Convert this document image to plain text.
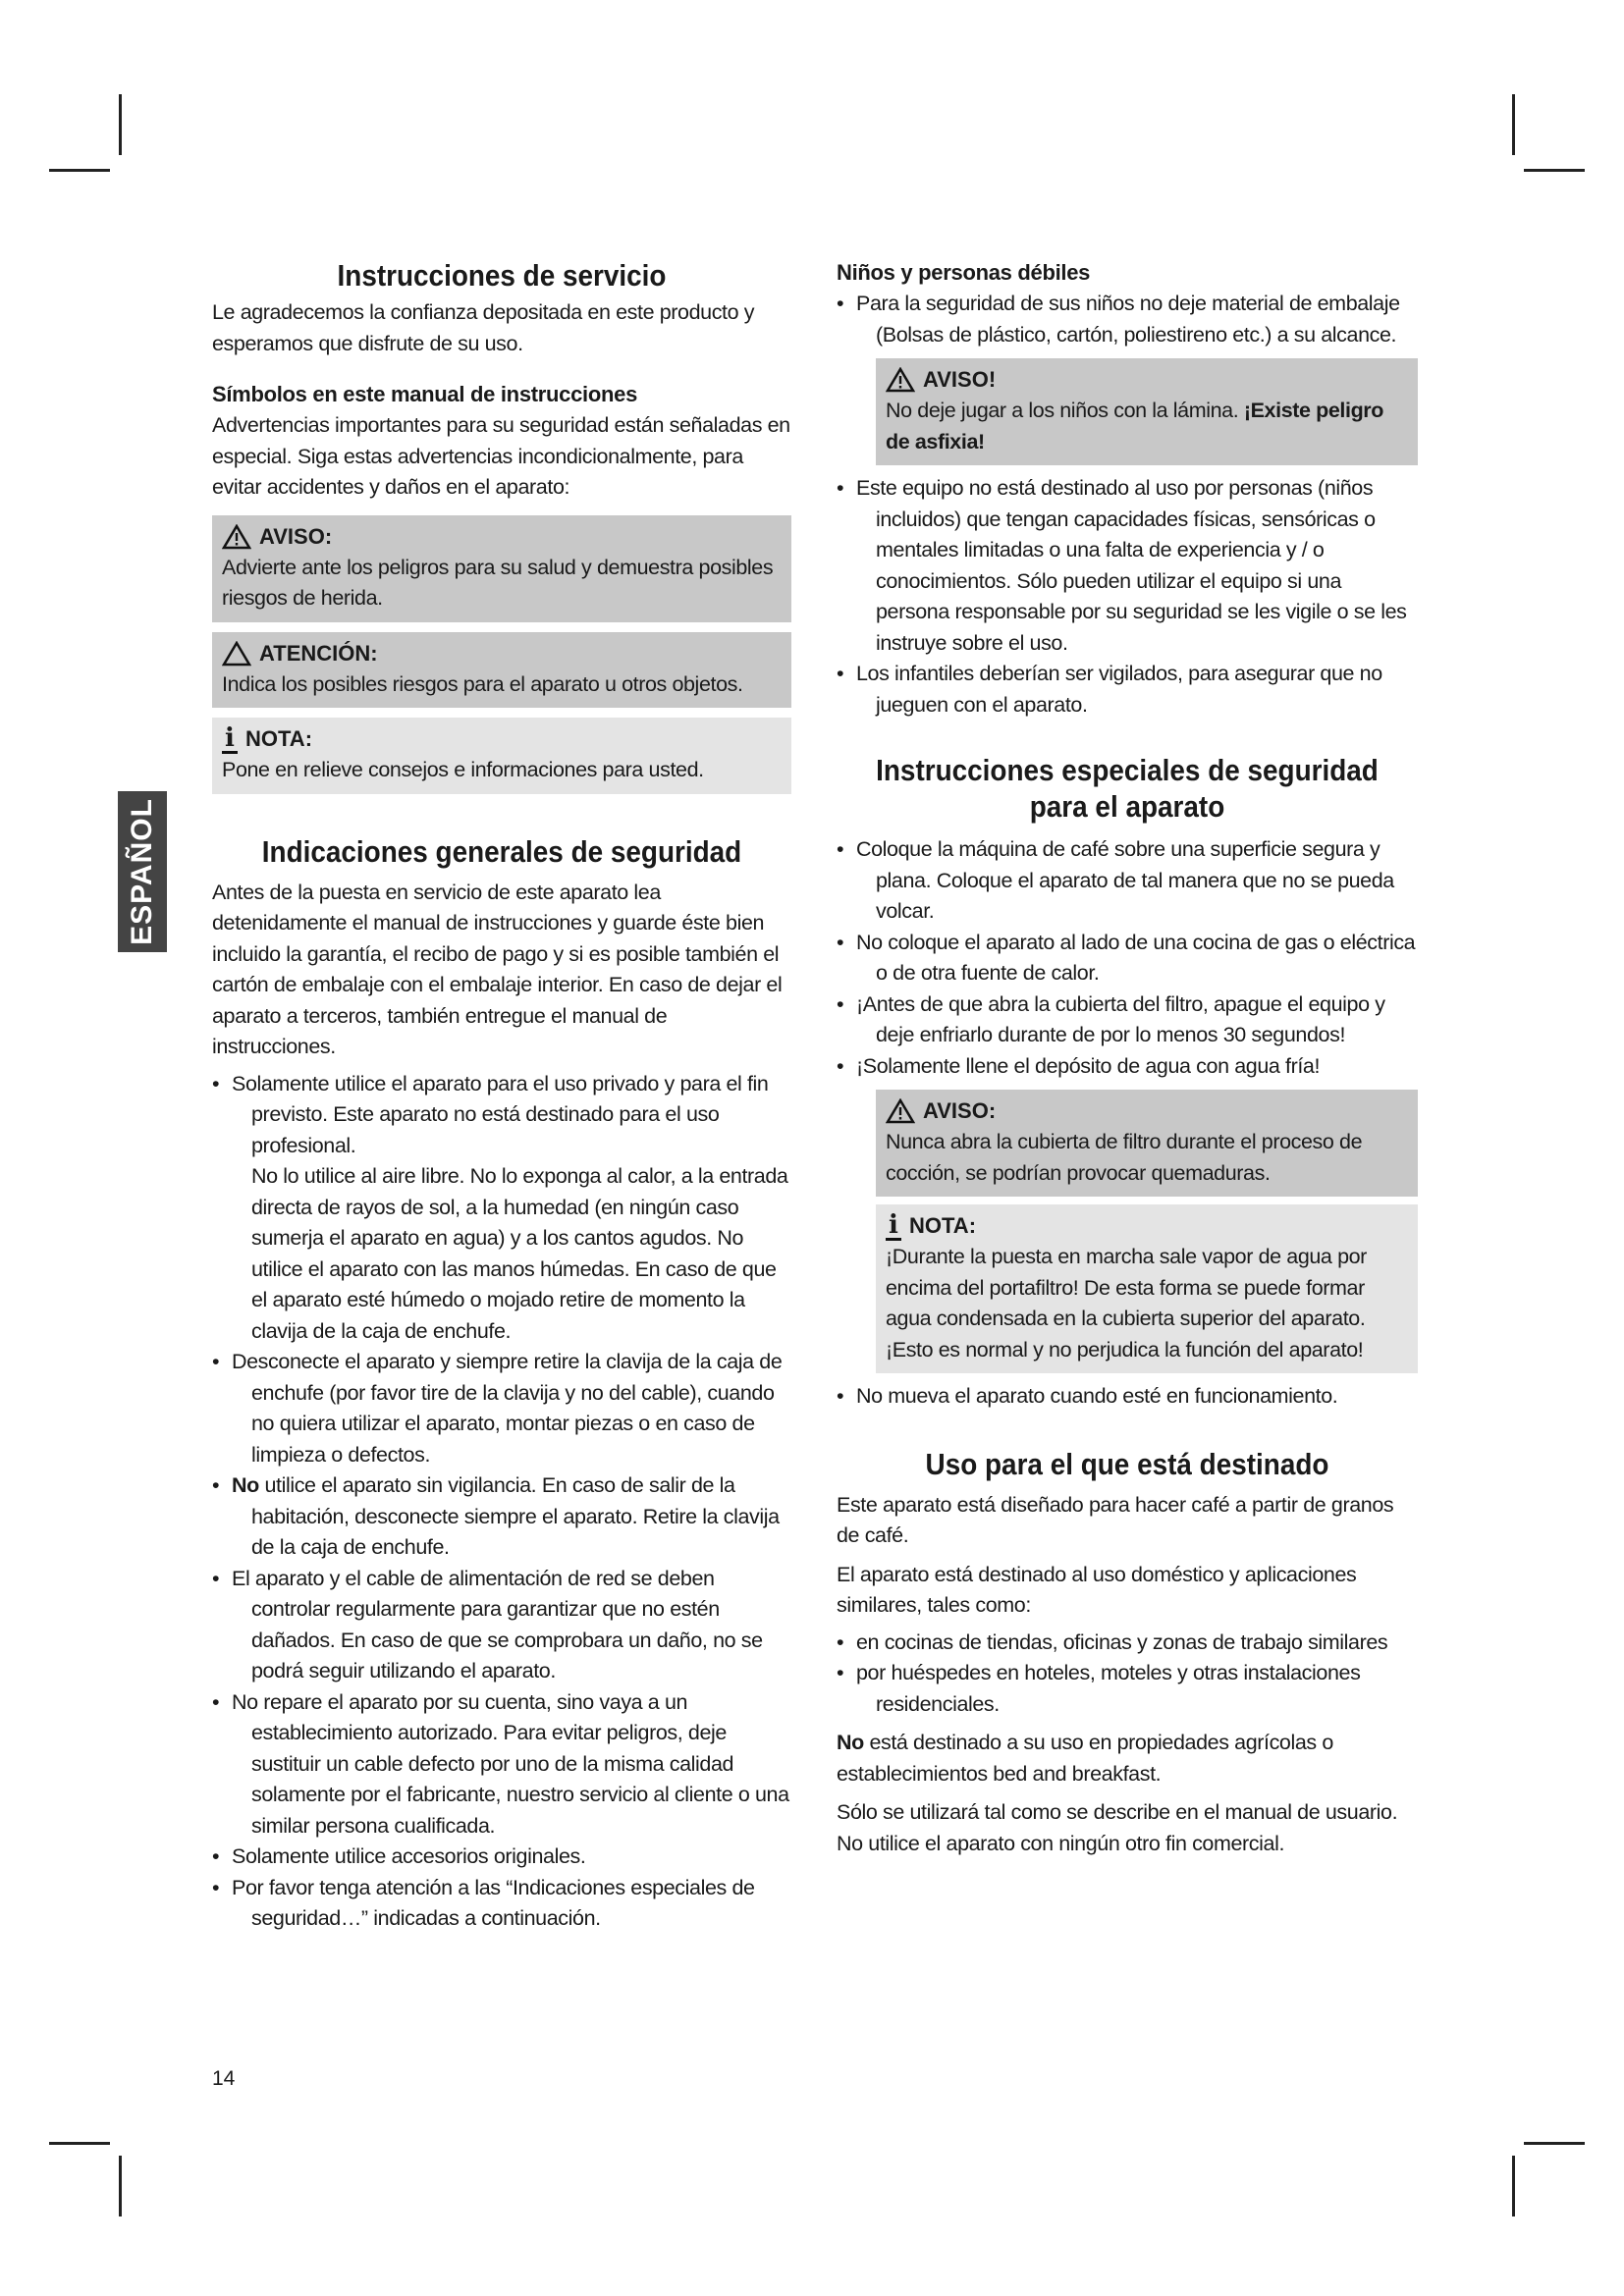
ESPAÑOL
Instrucciones de servicio

Le agradecemos la confianza depositada en este producto y esperamos que disfrute de su uso.

Símbolos en este manual de instrucciones

Advertencias importantes para su seguridad están señaladas en especial. Siga estas advertencias incondicionalmente, para evitar accidentes y daños en el aparato:

AVISO:
Advierte ante los peligros para su salud y demuestra posibles riesgos de herida.
ATENCIÓN:
Indica los posibles riesgos para el aparato u otros objetos.
i NOTA:
Pone en relieve consejos e informaciones para usted.
Indicaciones generales de seguridad

Antes de la puesta en servicio de este aparato lea detenidamente el manual de instrucciones y guarde éste bien incluido la garantía, el recibo de pago y si es posible también el cartón de embalaje con el embalaje interior. En caso de dejar el aparato a terceros, también entregue el manual de instrucciones.

• Solamente utilice el aparato para el uso privado y para el fin previsto. Este aparato no está destinado para el uso profesional.
No lo utilice al aire libre. No lo exponga al calor, a la entrada directa de rayos de sol, a la humedad (en ningún caso sumerja el aparato en agua) y a los cantos agudos. No utilice el aparato con las manos húmedas. En caso de que el aparato esté húmedo o mojado retire de momento la clavija de la caja de enchufe.
• Desconecte el aparato y siempre retire la clavija de la caja de enchufe (por favor tire de la clavija y no del cable), cuando no quiera utilizar el aparato, montar piezas o en caso de limpieza o defectos.
• No utilice el aparato sin vigilancia. En caso de salir de la habitación, desconecte siempre el aparato. Retire la clavija de la caja de enchufe.
• El aparato y el cable de alimentación de red se deben controlar regularmente para garantizar que no estén dañados. En caso de que se comprobara un daño, no se podrá seguir utilizando el aparato.
• No repare el aparato por su cuenta, sino vaya a un establecimiento autorizado. Para evitar peligros, deje sustituir un cable defecto por uno de la misma calidad solamente por el fabricante, nuestro servicio al cliente o una similar persona cualificada.
• Solamente utilice accesorios originales.
• Por favor tenga atención a las “Indicaciones especiales de seguridad…” indicadas a continuación.

Niños y personas débiles

• Para la seguridad de sus niños no deje material de embalaje (Bolsas de plástico, cartón, poliestireno etc.) a su alcance.
AVISO!
No deje jugar a los niños con la lámina. ¡Existe peligro de asfixia!
• Este equipo no está destinado al uso por personas (niños incluidos) que tengan capacidades físicas, sensóricas o mentales limitadas o una falta de experiencia y / o conocimientos. Sólo pueden utilizar el equipo si una persona responsable por su seguridad se les vigile o se les instruye sobre el uso.
• Los infantiles deberían ser vigilados, para asegurar que no jueguen con el aparato.
Instrucciones especiales de seguridad
para el aparato
• Coloque la máquina de café sobre una superficie segura y plana. Coloque el aparato de tal manera que no se pueda volcar.
• No coloque el aparato al lado de una cocina de gas o eléctrica o de otra fuente de calor.
• ¡Antes de que abra la cubierta del filtro, apague el equipo y deje enfriarlo durante de por lo menos 30 segundos!
• ¡Solamente llene el depósito de agua con agua fría!
AVISO:
Nunca abra la cubierta de filtro durante el proceso de cocción, se podrían provocar quemaduras.
i NOTA:
¡Durante la puesta en marcha sale vapor de agua por encima del portafiltro! De esta forma se puede formar agua condensada en la cubierta superior del aparato. ¡Esto es normal y no perjudica la función del aparato!
• No mueva el aparato cuando esté en funcionamiento.
Uso para el que está destinado

Este aparato está diseñado para hacer café a partir de granos de café.

El aparato está destinado al uso doméstico y aplicaciones similares, tales como:

• en cocinas de tiendas, oficinas y zonas de trabajo similares
• por huéspedes en hoteles, moteles y otras instalaciones residenciales.

No está destinado a su uso en propiedades agrícolas o establecimientos bed and breakfast.

Sólo se utilizará tal como se describe en el manual de usuario. No utilice el aparato con ningún otro fin comercial.

14
